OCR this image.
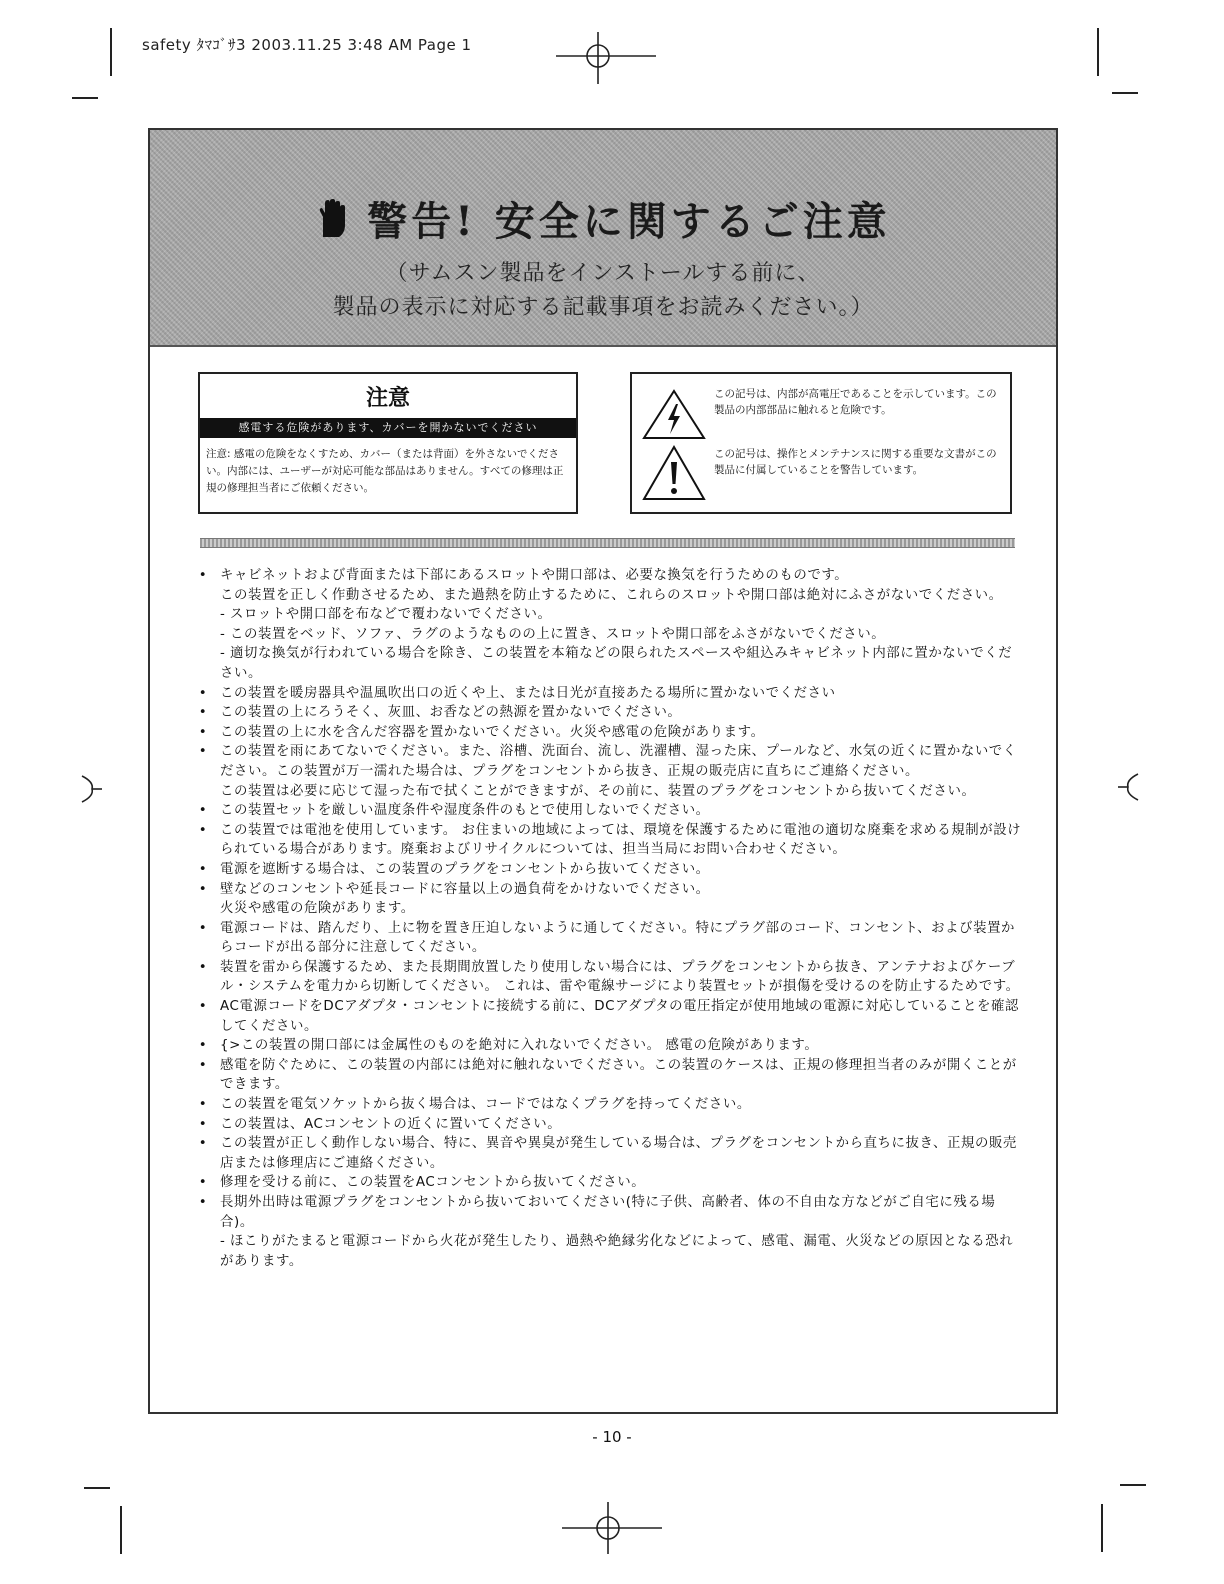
safety ﾀﾏｺﾞｻ3 2003.11.25 3:48 AM Page 1
警告! 安全に関するご注意
（サムスン製品をインストールする前に、
製品の表示に対応する記載事項をお読みください。）
注意
感電する危険があります、カバーを開かないでください
注意: 感電の危険をなくすため、カバー（または背面）を外さないでください。内部には、ユーザーが対応可能な部品はありません。すべての修理は正規の修理担当者にご依頼ください。
この記号は、内部が高電圧であることを示しています。この製品の内部部品に触れると危険です。
この記号は、操作とメンテナンスに関する重要な文書がこの製品に付属していることを警告しています。
• キャビネットおよび背面または下部にあるスロットや開口部は、必要な換気を行うためのものです。
この装置を正しく作動させるため、また過熱を防止するために、これらのスロットや開口部は絶対にふさがないでください。
- スロットや開口部を布などで覆わないでください。
- この装置をベッド、ソファ、ラグのようなものの上に置き、スロットや開口部をふさがないでください。
- 適切な換気が行われている場合を除き、この装置を本箱などの限られたスペースや組込みキャビネット内部に置かないでください。
• この装置を暖房器具や温風吹出口の近くや上、または日光が直接あたる場所に置かないでください
• この装置の上にろうそく、灰皿、お香などの熱源を置かないでください。
• この装置の上に水を含んだ容器を置かないでください。火災や感電の危険があります。
• この装置を雨にあてないでください。また、浴槽、洗面台、流し、洗濯槽、湿った床、プールなど、水気の近くに置かないでください。この装置が万一濡れた場合は、プラグをコンセントから抜き、正規の販売店に直ちにご連絡ください。
この装置は必要に応じて湿った布で拭くことができますが、その前に、装置のプラグをコンセントから抜いてください。
• この装置セットを厳しい温度条件や湿度条件のもとで使用しないでください。
• この装置では電池を使用しています。 お住まいの地域によっては、環境を保護するために電池の適切な廃棄を求める規制が設けられている場合があります。廃棄およびリサイクルについては、担当当局にお問い合わせください。
• 電源を遮断する場合は、この装置のプラグをコンセントから抜いてください。
• 壁などのコンセントや延長コードに容量以上の過負荷をかけないでください。
火災や感電の危険があります。
• 電源コードは、踏んだり、上に物を置き圧迫しないように通してください。特にプラグ部のコード、コンセント、および装置からコードが出る部分に注意してください。
• 装置を雷から保護するため、また長期間放置したり使用しない場合には、プラグをコンセントから抜き、アンテナおよびケーブル・システムを電力から切断してください。 これは、雷や電線サージにより装置セットが損傷を受けるのを防止するためです。
• AC電源コードをDCアダプタ・コンセントに接続する前に、DCアダプタの電圧指定が使用地域の電源に対応していることを確認してください。
• {>この装置の開口部には金属性のものを絶対に入れないでください。 感電の危険があります。
• 感電を防ぐために、この装置の内部には絶対に触れないでください。この装置のケースは、正規の修理担当者のみが開くことができます。
• この装置を電気ソケットから抜く場合は、コードではなくプラグを持ってください。
• この装置は、ACコンセントの近くに置いてください。
• この装置が正しく動作しない場合、特に、異音や異臭が発生している場合は、プラグをコンセントから直ちに抜き、正規の販売店または修理店にご連絡ください。
• 修理を受ける前に、この装置をACコンセントから抜いてください。
• 長期外出時は電源プラグをコンセントから抜いておいてください(特に子供、高齢者、体の不自由な方などがご自宅に残る場合)。
- ほこりがたまると電源コードから火花が発生したり、過熱や絶縁劣化などによって、感電、漏電、火災などの原因となる恐れがあります。
- 10 -
